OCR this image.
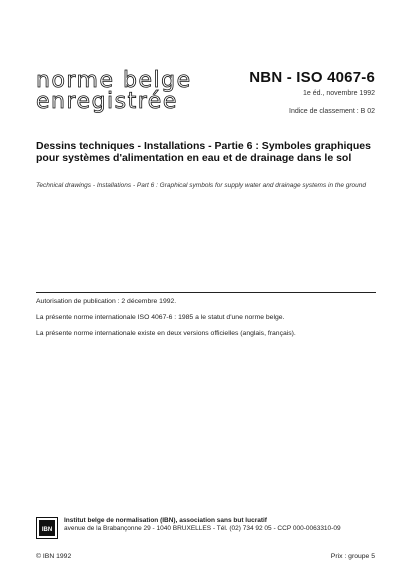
norme belge
enregistrée
NBN - ISO 4067-6
1e éd., novembre 1992
Indice de classement : B 02
Dessins techniques - Installations - Partie 6 : Symboles graphiques pour systèmes d'alimentation en eau et de drainage dans le sol
Technical drawings - Installations - Part 6 : Graphical symbols for supply water and drainage systems in the ground
Autorisation de publication : 2 décembre 1992.
La présente norme internationale ISO 4067-6 : 1985 a le statut d'une norme belge.
La présente norme internationale existe en deux versions officielles (anglais, français).
IBN
Institut belge de normalisation (IBN), association sans but lucratif
avenue de la Brabançonne 29 - 1040 BRUXELLES - Tél. (02) 734 92 05 - CCP 000-0063310-09
© IBN 1992	Prix : groupe 5
